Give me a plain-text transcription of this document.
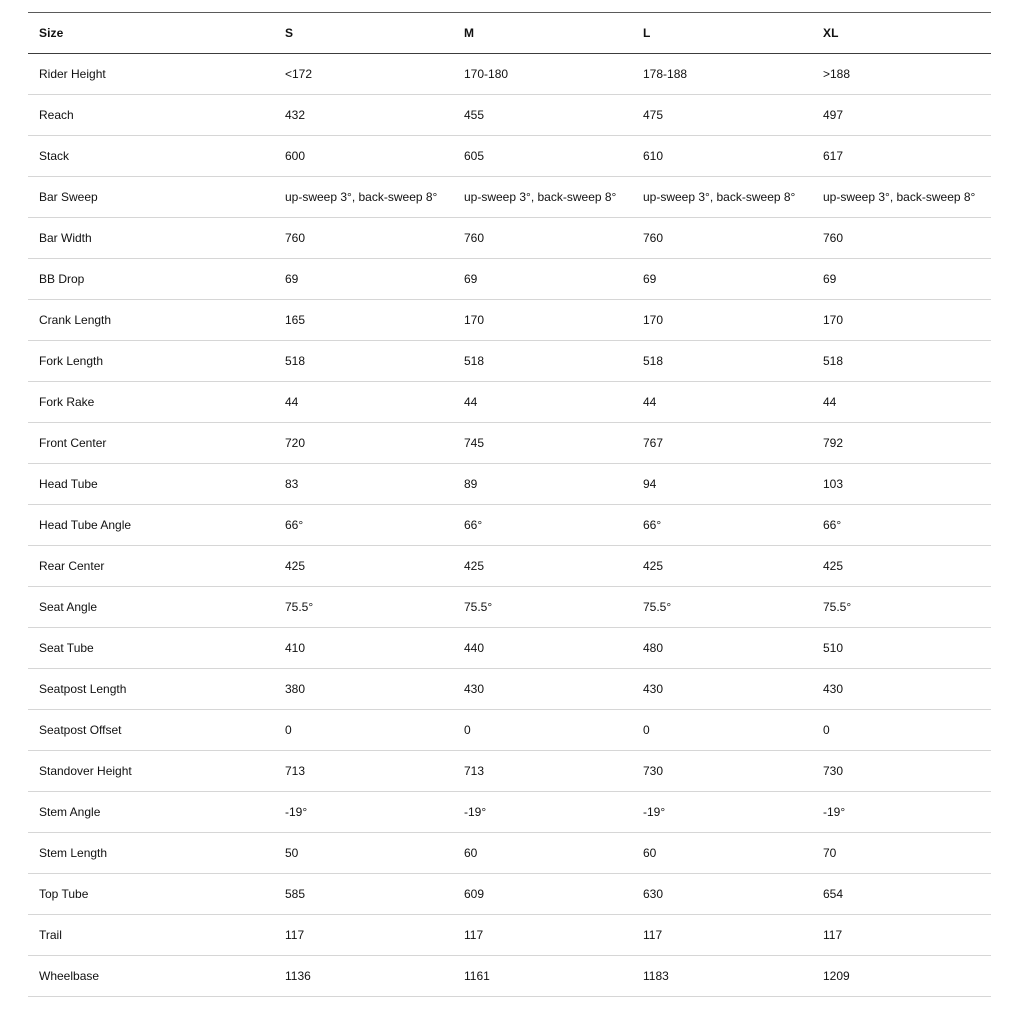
Size	S	M	L	XL
Rider Height	<172	170-180	178-188	>188
Reach	432	455	475	497
Stack	600	605	610	617
Bar Sweep	up-sweep 3°, back-sweep 8°	up-sweep 3°, back-sweep 8°	up-sweep 3°, back-sweep 8°	up-sweep 3°, back-sweep 8°
Bar Width	760	760	760	760
BB Drop	69	69	69	69
Crank Length	165	170	170	170
Fork Length	518	518	518	518
Fork Rake	44	44	44	44
Front Center	720	745	767	792
Head Tube	83	89	94	103
Head Tube Angle	66°	66°	66°	66°
Rear Center	425	425	425	425
Seat Angle	75.5°	75.5°	75.5°	75.5°
Seat Tube	410	440	480	510
Seatpost Length	380	430	430	430
Seatpost Offset	0	0	0	0
Standover Height	713	713	730	730
Stem Angle	-19°	-19°	-19°	-19°
Stem Length	50	60	60	70
Top Tube	585	609	630	654
Trail	117	117	117	117
Wheelbase	1136	1161	1183	1209
